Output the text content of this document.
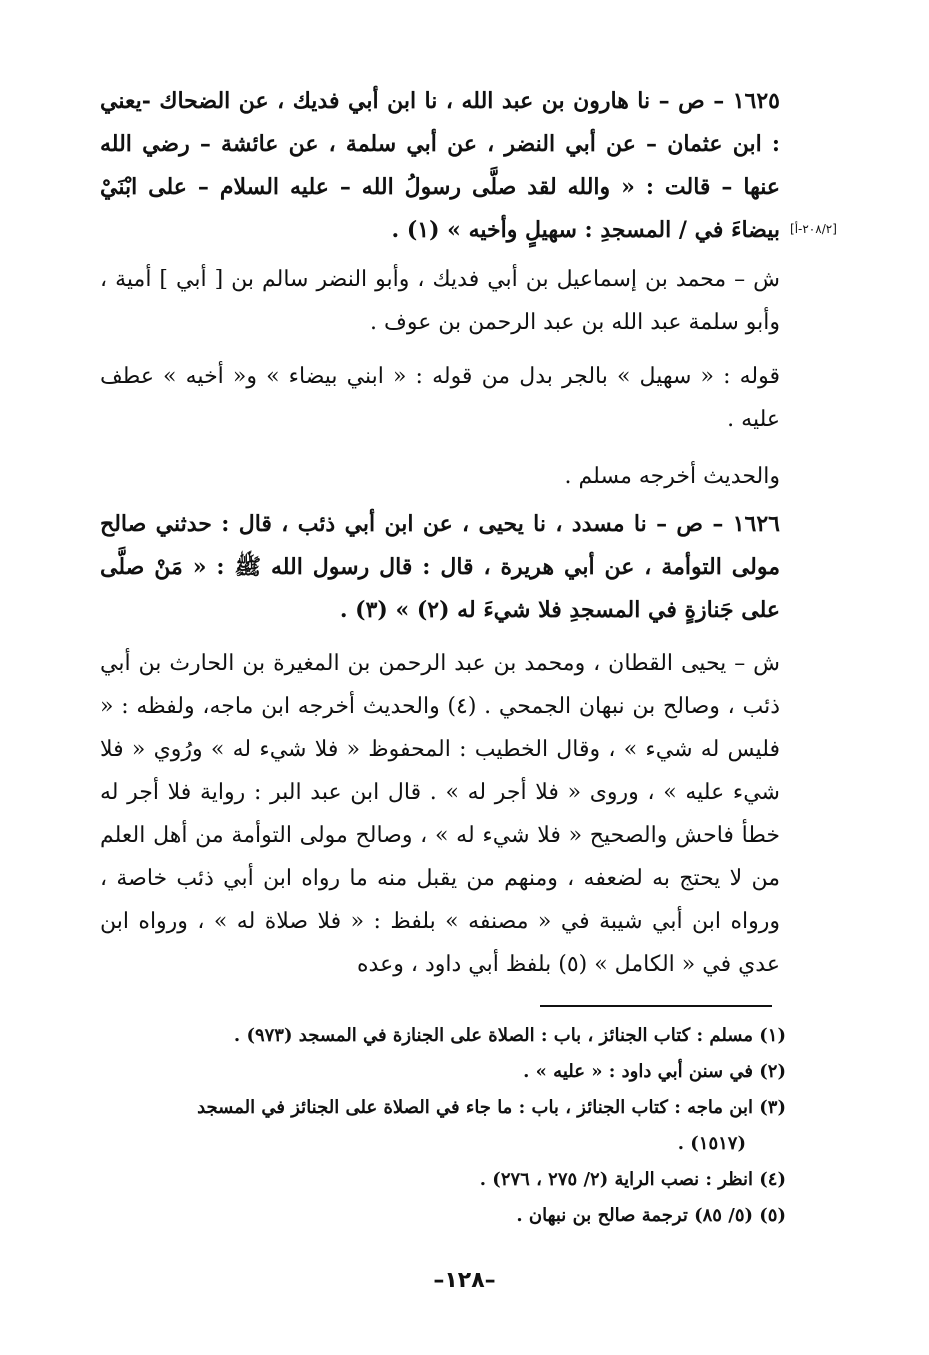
١٦٢٥ – ص – نا هارون بن عبد الله ، نا ابن أبي فديك ، عن الضحاك -يعني : ابن عثمان – عن أبي النضر ، عن أبي سلمة ، عن عائشة – رضي الله عنها – قالت : « والله لقد صلَّى رسولُ الله – عليه السلام – على ابْنَيْ بيضاءَ في / المسجدِ : سهيلٍ وأخيه » (١) . [٢٠٨/٢-أ]
ش – محمد بن إسماعيل بن أبي فديك ، وأبو النضر سالم بن [ أبي ] أمية ، وأبو سلمة عبد الله بن عبد الرحمن بن عوف .
قوله : « سهيل » بالجر بدل من قوله : « ابني بيضاء » و« أخيه » عطف عليه .
والحديث أخرجه مسلم .
١٦٢٦ – ص – نا مسدد ، نا يحيى ، عن ابن أبي ذئب ، قال : حدثني صالح مولى التوأمة ، عن أبي هريرة ، قال : قال رسول الله ﷺ : « مَنْ صلَّى على جَنازةٍ في المسجدِ فلا شيءَ له (٢) » (٣) .
ش – يحيى القطان ، ومحمد بن عبد الرحمن بن المغيرة بن الحارث بن أبي ذئب ، وصالح بن نبهان الجمحي . (٤) والحديث أخرجه ابن ماجه، ولفظه : « فليس له شيء » ، وقال الخطيب : المحفوظ « فلا شيء له » ورُوي « فلا شيء عليه » ، وروى « فلا أجر له » . قال ابن عبد البر : رواية فلا أجر له خطأ فاحش والصحيح « فلا شيء له » ، وصالح مولى التوأمة من أهل العلم من لا يحتج به لضعفه ، ومنهم من يقبل منه ما رواه ابن أبي ذئب خاصة ، ورواه ابن أبي شيبة في « مصنفه » بلفظ : « فلا صلاة له » ، ورواه ابن عدي في « الكامل » (٥) بلفظ أبي داود ، وعده
(١) مسلم : كتاب الجنائز ، باب : الصلاة على الجنازة في المسجد (٩٧٣) .
(٢) في سنن أبي داود : « عليه » .
(٣) ابن ماجه : كتاب الجنائز ، باب : ما جاء في الصلاة على الجنائز في المسجد
(١٥١٧) .
(٤) انظر : نصب الراية (٢/ ٢٧٥ ، ٢٧٦) .
(٥) (٥/ ٨٥) ترجمة صالح بن نبهان .
–١٢٨–
